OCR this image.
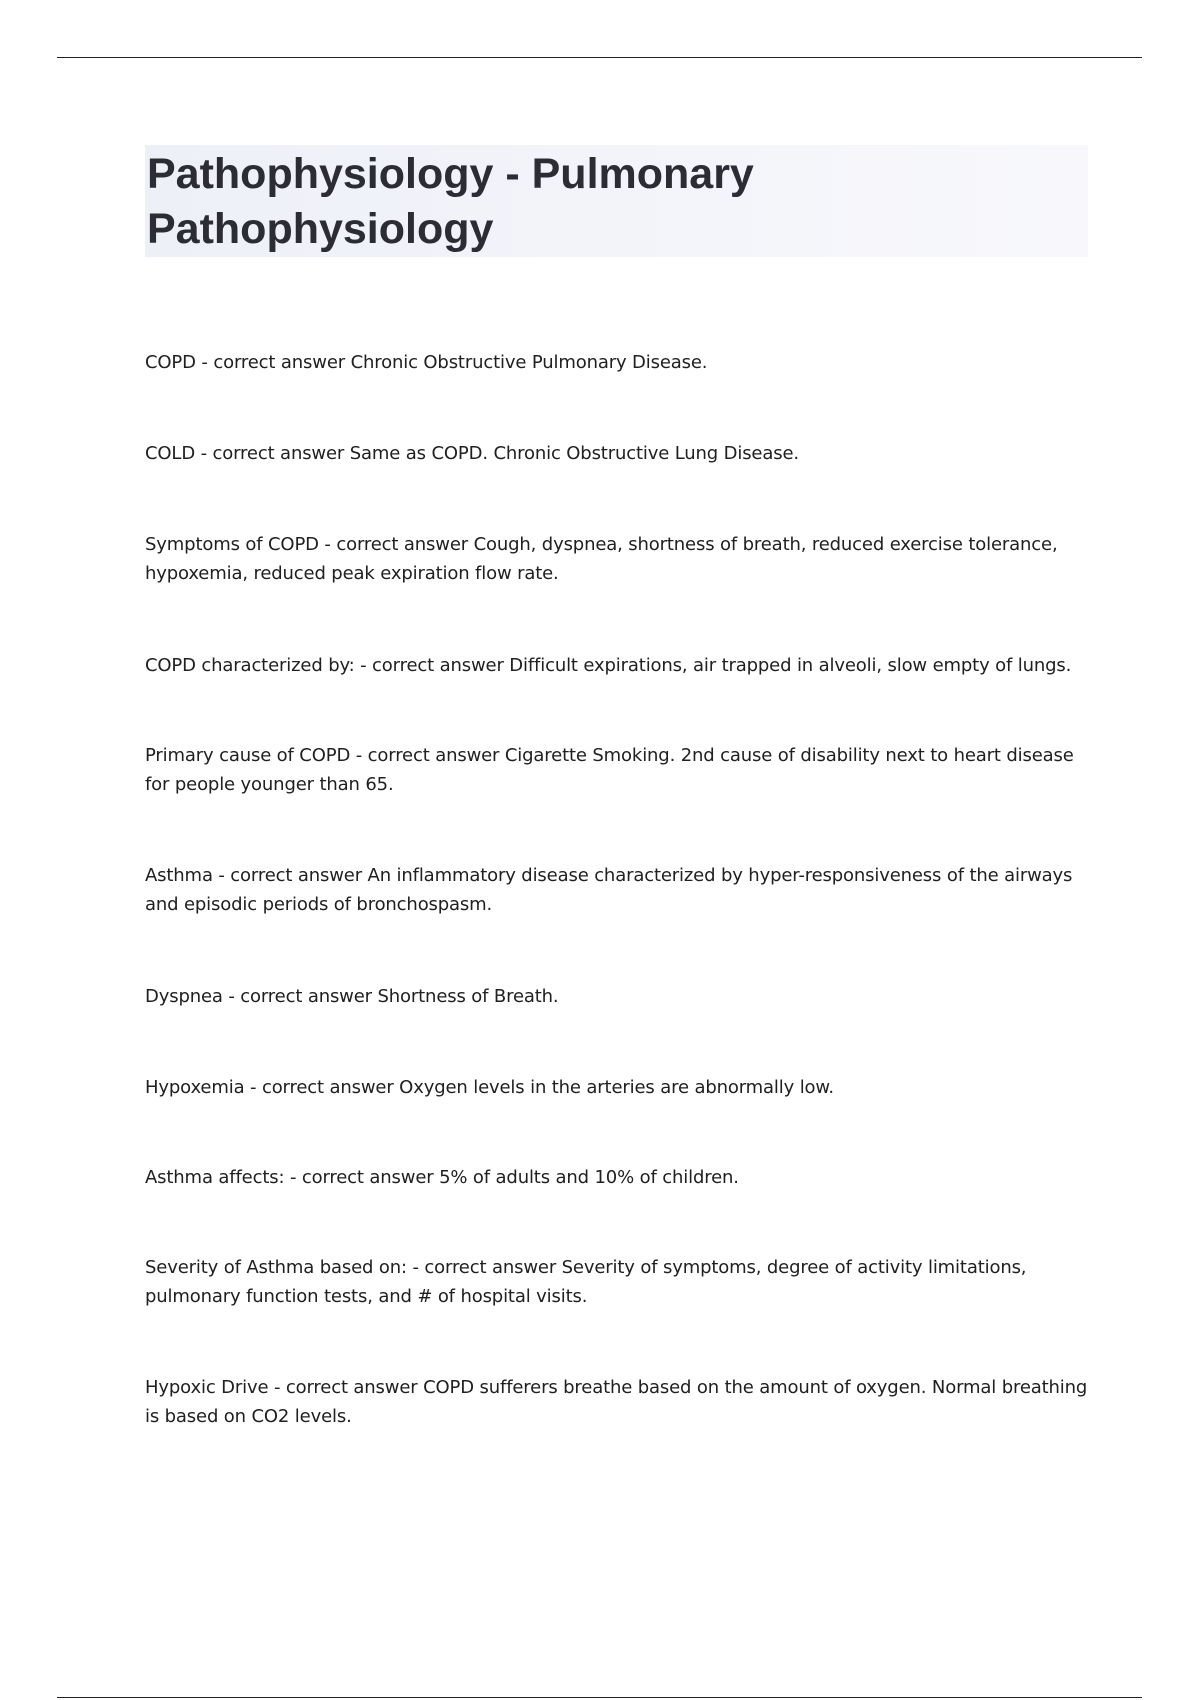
Pathophysiology - Pulmonary Pathophysiology

COPD - correct answer Chronic Obstructive Pulmonary Disease.

COLD - correct answer Same as COPD. Chronic Obstructive Lung Disease.

Symptoms of COPD - correct answer Cough, dyspnea, shortness of breath, reduced exercise tolerance, hypoxemia, reduced peak expiration flow rate.

COPD characterized by: - correct answer Difficult expirations, air trapped in alveoli, slow empty of lungs.

Primary cause of COPD - correct answer Cigarette Smoking. 2nd cause of disability next to heart disease for people younger than 65.

Asthma - correct answer An inflammatory disease characterized by hyper-responsiveness of the airways and episodic periods of bronchospasm.

Dyspnea - correct answer Shortness of Breath.

Hypoxemia - correct answer Oxygen levels in the arteries are abnormally low.

Asthma affects: - correct answer 5% of adults and 10% of children.

Severity of Asthma based on: - correct answer Severity of symptoms, degree of activity limitations, pulmonary function tests, and # of hospital visits.

Hypoxic Drive - correct answer COPD sufferers breathe based on the amount of oxygen. Normal breathing is based on CO2 levels.
